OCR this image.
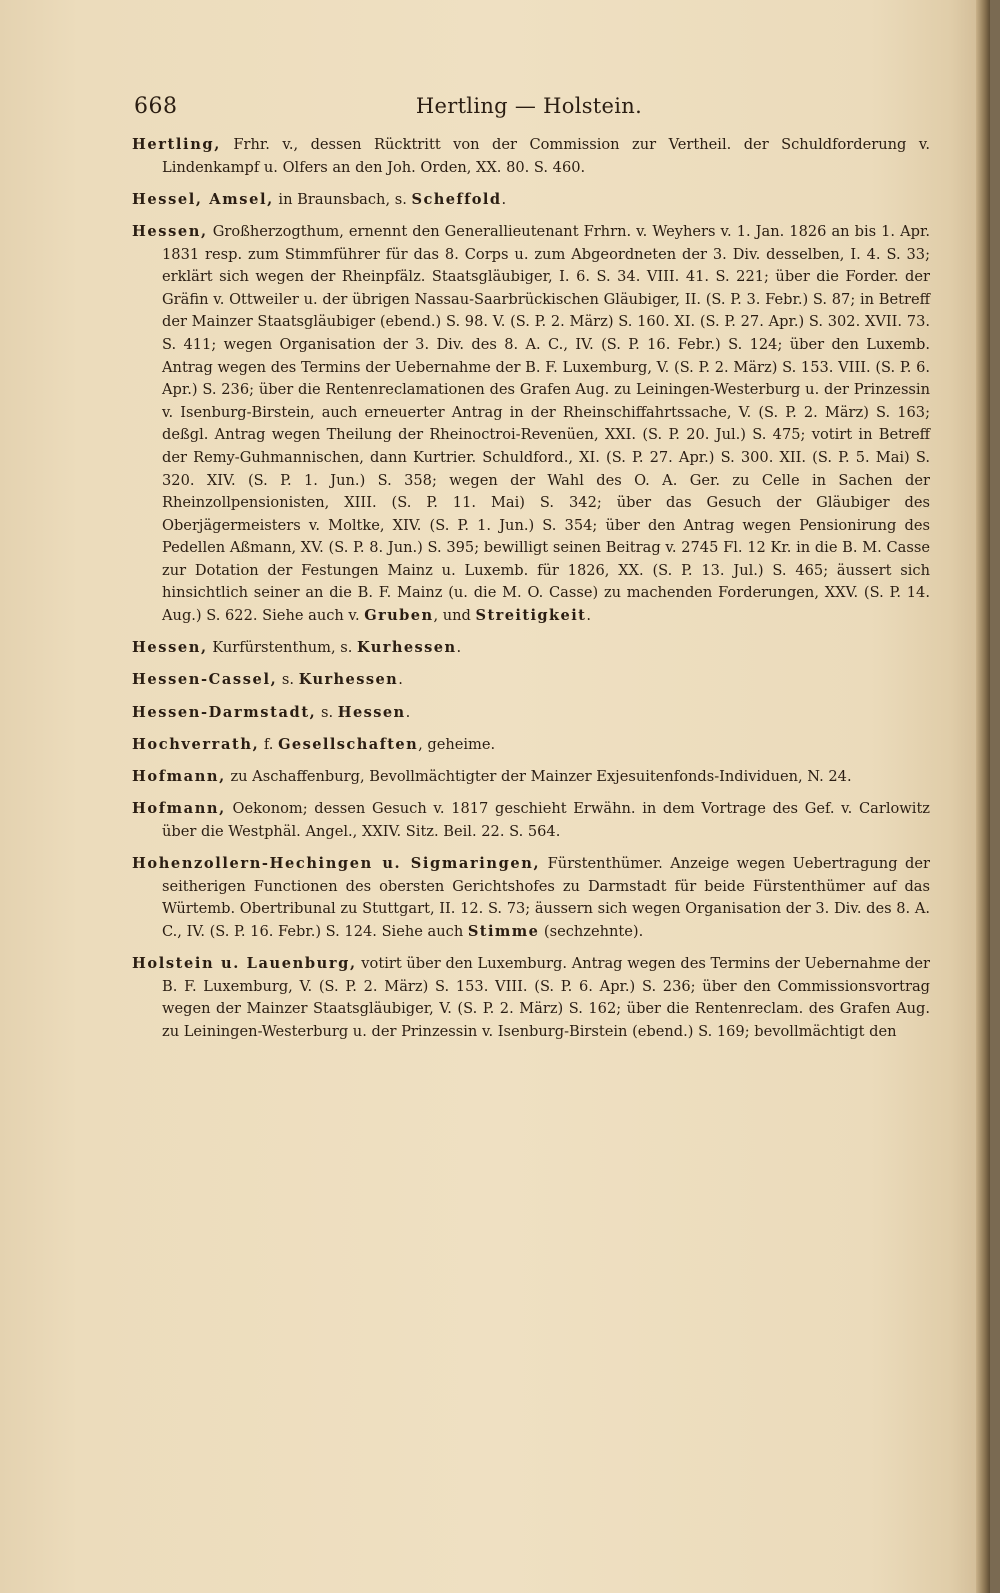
668	Hertling — Holstein.

Hertling, Frhr. v., dessen Rücktritt von der Commission zur Vertheil. der Schuldforderung v. Lindenkampf u. Olfers an den Joh. Orden, XX. 80. S. 460.

Hessel, Amsel, in Braunsbach, s. Scheffold.

Hessen, Großherzogthum, ernennt den Generallieutenant Frhrn. v. Weyhers v. 1. Jan. 1826 an bis 1. Apr. 1831 resp. zum Stimmführer für das 8. Corps u. zum Abgeordneten der 3. Div. desselben, I. 4. S. 33; erklärt sich wegen der Rheinpfälz. Staatsgläubiger, I. 6. S. 34. VIII. 41. S. 221; über die Forder. der Gräfin v. Ottweiler u. der übrigen Nassau-Saarbrückischen Gläubiger, II. (S. P. 3. Febr.) S. 87; in Betreff der Mainzer Staatsgläubiger (ebend.) S. 98. V. (S. P. 2. März) S. 160. XI. (S. P. 27. Apr.) S. 302. XVII. 73. S. 411; wegen Organisation der 3. Div. des 8. A. C., IV. (S. P. 16. Febr.) S. 124; über den Luxemb. Antrag wegen des Termins der Uebernahme der B. F. Luxemburg, V. (S. P. 2. März) S. 153. VIII. (S. P. 6. Apr.) S. 236; über die Rentenreclamationen des Grafen Aug. zu Leiningen-Westerburg u. der Prinzessin v. Isenburg-Birstein, auch erneuerter Antrag in der Rheinschiffahrtssache, V. (S. P. 2. März) S. 163; deßgl. Antrag wegen Theilung der Rheinoctroi-Revenüen, XXI. (S. P. 20. Jul.) S. 475; votirt in Betreff der Remy-Guhmannischen, dann Kurtrier. Schuldford., XI. (S. P. 27. Apr.) S. 300. XII. (S. P. 5. Mai) S. 320. XIV. (S. P. 1. Jun.) S. 358; wegen der Wahl des O. A. Ger. zu Celle in Sachen der Rheinzollpensionisten, XIII. (S. P. 11. Mai) S. 342; über das Gesuch der Gläubiger des Oberjägermeisters v. Moltke, XIV. (S. P. 1. Jun.) S. 354; über den Antrag wegen Pensionirung des Pedellen Aßmann, XV. (S. P. 8. Jun.) S. 395; bewilligt seinen Beitrag v. 2745 Fl. 12 Kr. in die B. M. Casse zur Dotation der Festungen Mainz u. Luxemb. für 1826, XX. (S. P. 13. Jul.) S. 465; äussert sich hinsichtlich seiner an die B. F. Mainz (u. die M. O. Casse) zu machenden Forderungen, XXV. (S. P. 14. Aug.) S. 622. Siehe auch v. Gruben, und Streitigkeit.

Hessen, Kurfürstenthum, s. Kurhessen.

Hessen-Cassel, s. Kurhessen.

Hessen-Darmstadt, s. Hessen.

Hochverrath, f. Gesellschaften, geheime.

Hofmann, zu Aschaffenburg, Bevollmächtigter der Mainzer Exjesuitenfonds-Individuen, N. 24.

Hofmann, Oekonom; dessen Gesuch v. 1817 geschieht Erwähn. in dem Vortrage des Gef. v. Carlowitz über die Westphäl. Angel., XXIV. Sitz. Beil. 22. S. 564.

Hohenzollern-Hechingen u. Sigmaringen, Fürstenthümer. Anzeige wegen Uebertragung der seitherigen Functionen des obersten Gerichtshofes zu Darmstadt für beide Fürstenthümer auf das Würtemb. Obertribunal zu Stuttgart, II. 12. S. 73; äussern sich wegen Organisation der 3. Div. des 8. A. C., IV. (S. P. 16. Febr.) S. 124. Siehe auch Stimme (sechzehnte).

Holstein u. Lauenburg, votirt über den Luxemburg. Antrag wegen des Termins der Uebernahme der B. F. Luxemburg, V. (S. P. 2. März) S. 153. VIII. (S. P. 6. Apr.) S. 236; über den Commissionsvortrag wegen der Mainzer Staatsgläubiger, V. (S. P. 2. März) S. 162; über die Rentenreclam. des Grafen Aug. zu Leiningen-Westerburg u. der Prinzessin v. Isenburg-Birstein (ebend.) S. 169; bevollmächtigt den
